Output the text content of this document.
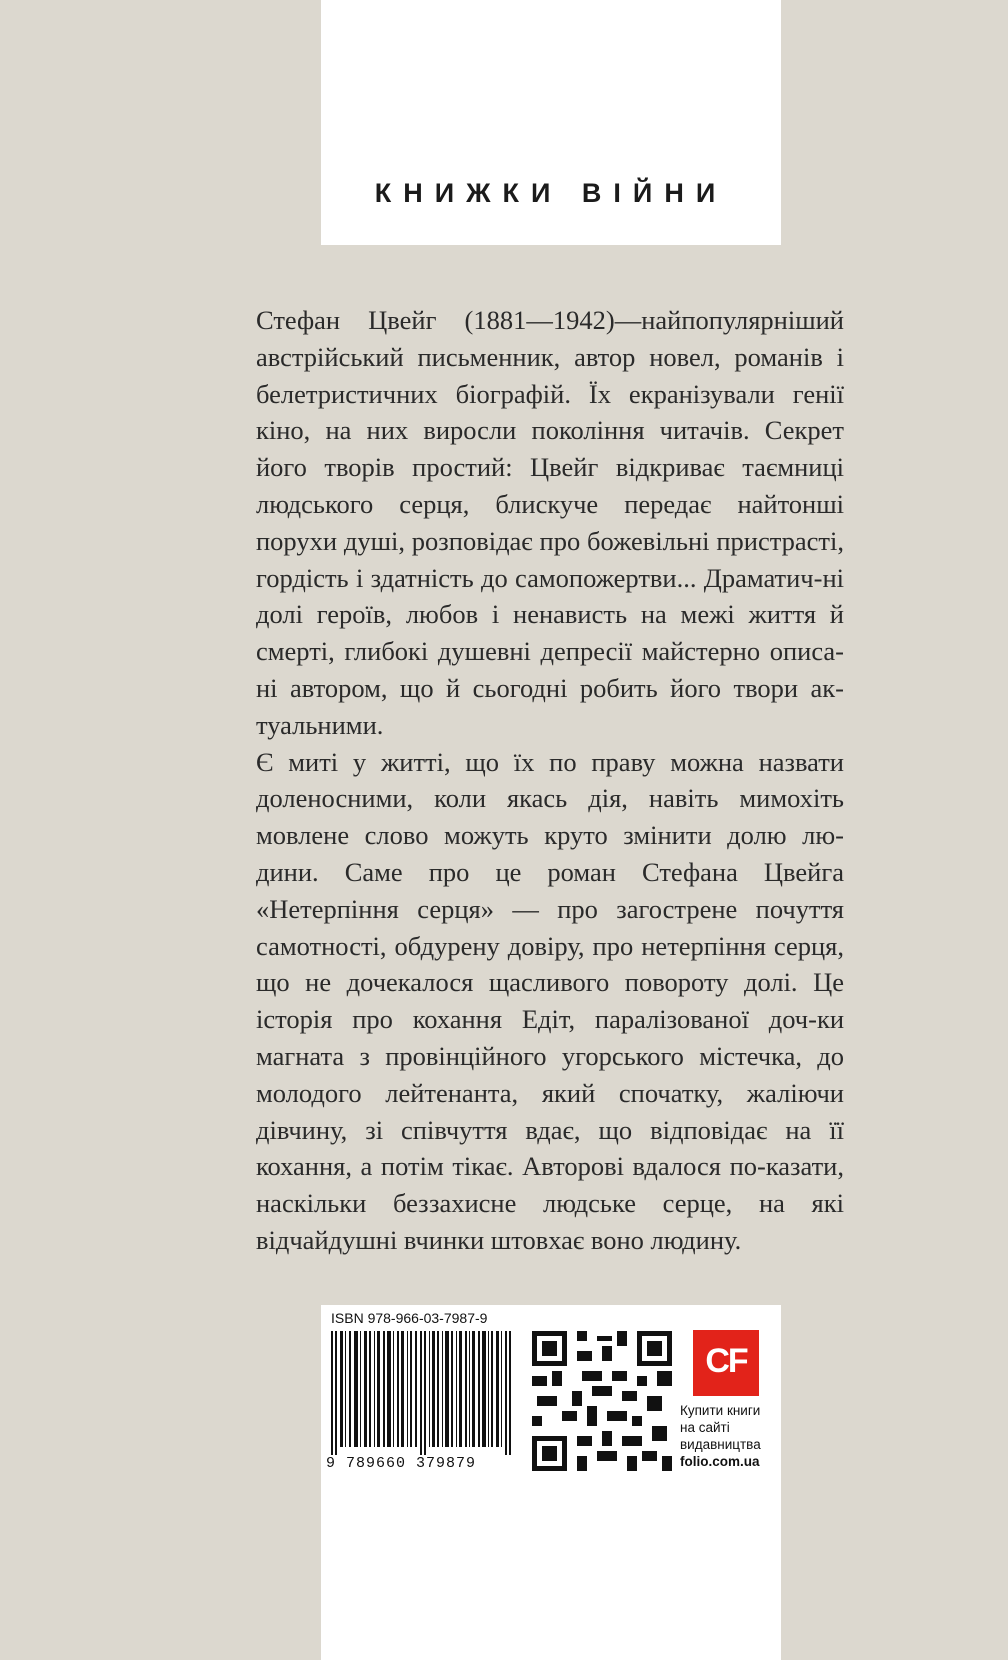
КНИЖКИ ВІЙНИ

Стефан Цвейг (1881—1942)—найпопулярніший австрійський письменник, автор новел, романів і белетристичних біографій. Їх екранізували генії кіно, на них виросли покоління читачів. Секрет його творів простий: Цвейг відкриває таємниці людського серця, блискуче передає найтонші порухи душі, розповідає про божевільні пристрасті, гордість і здатність до самопожертви... Драматич-ні долі героїв, любов і ненависть на межі життя й смерті, глибокі душевні депресії майстерно описа-ні автором, що й сьогодні робить його твори ак-туальними.

Є миті у житті, що їх по праву можна назвати доленосними, коли якась дія, навіть мимохіть мовлене слово можуть круто змінити долю лю-дини. Саме про це роман Стефана Цвейга «Нетерпіння серця» — про загострене почуття самотності, обдурену довіру, про нетерпіння серця, що не дочекалося щасливого повороту долі. Це історія про кохання Едіт, паралізованої доч-ки магната з провінційного угорського містечка, до молодого лейтенанта, який спочатку, жаліючи дівчину, зі співчуття вдає, що відповідає на її кохання, а потім тікає. Авторові вдалося по-казати, наскільки беззахисне людське серце, на які відчайдушні вчинки штовхає воно людину.

ISBN 978-966-03-7987-9
9 789660 379879
CF
Купити книги
на сайті
видавництва
folio.com.ua
